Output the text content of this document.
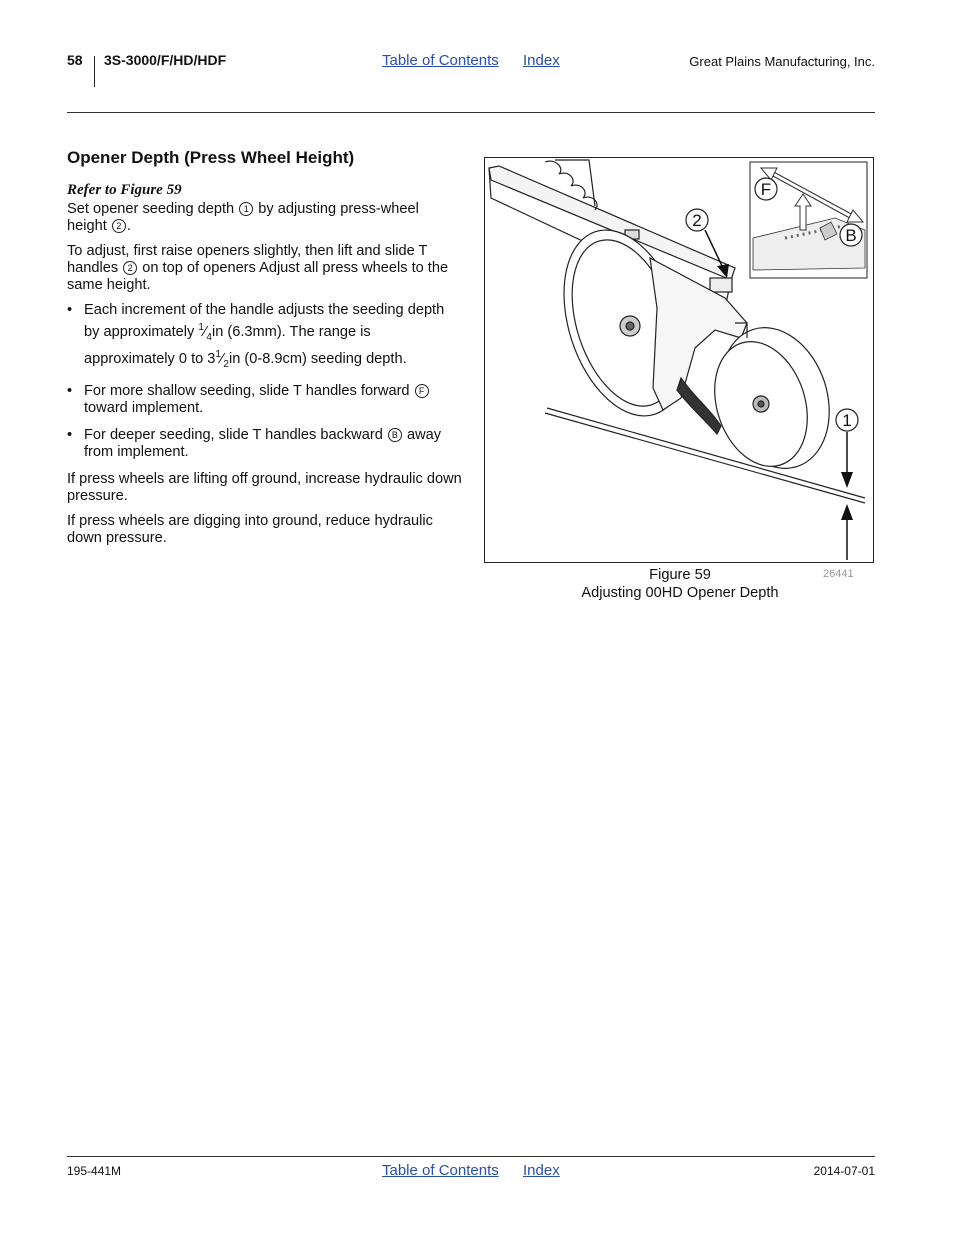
58 3S-3000/F/HD/HDF	Table of Contents Index	Great Plains Manufacturing, Inc.
Opener Depth (Press Wheel Height)
Refer to Figure 59

Set opener seeding depth 1 by adjusting press-wheel height 2 .

To adjust, first raise openers slightly, then lift and slide T handles 2 on top of openers Adjust all press wheels to the same height.

• Each increment of the handle adjusts the seeding depth by approximately $^1⁄_4in$ (6.3mm). The range is approximately 0 to $3^1⁄_2in$ (0-8.9cm) seeding depth.
• For more shallow seeding, slide T handles forward F toward implement.
• For deeper seeding, slide T handles backward B away from implement.

If press wheels are lifting off ground, increase hydraulic down pressure.

If press wheels are digging into ground, reduce hydraulic down pressure.

F
B
2
1
Figure 59
Adjusting 00HD Opener Depth
26441
195-441M	Table of Contents Index	2014-07-01
